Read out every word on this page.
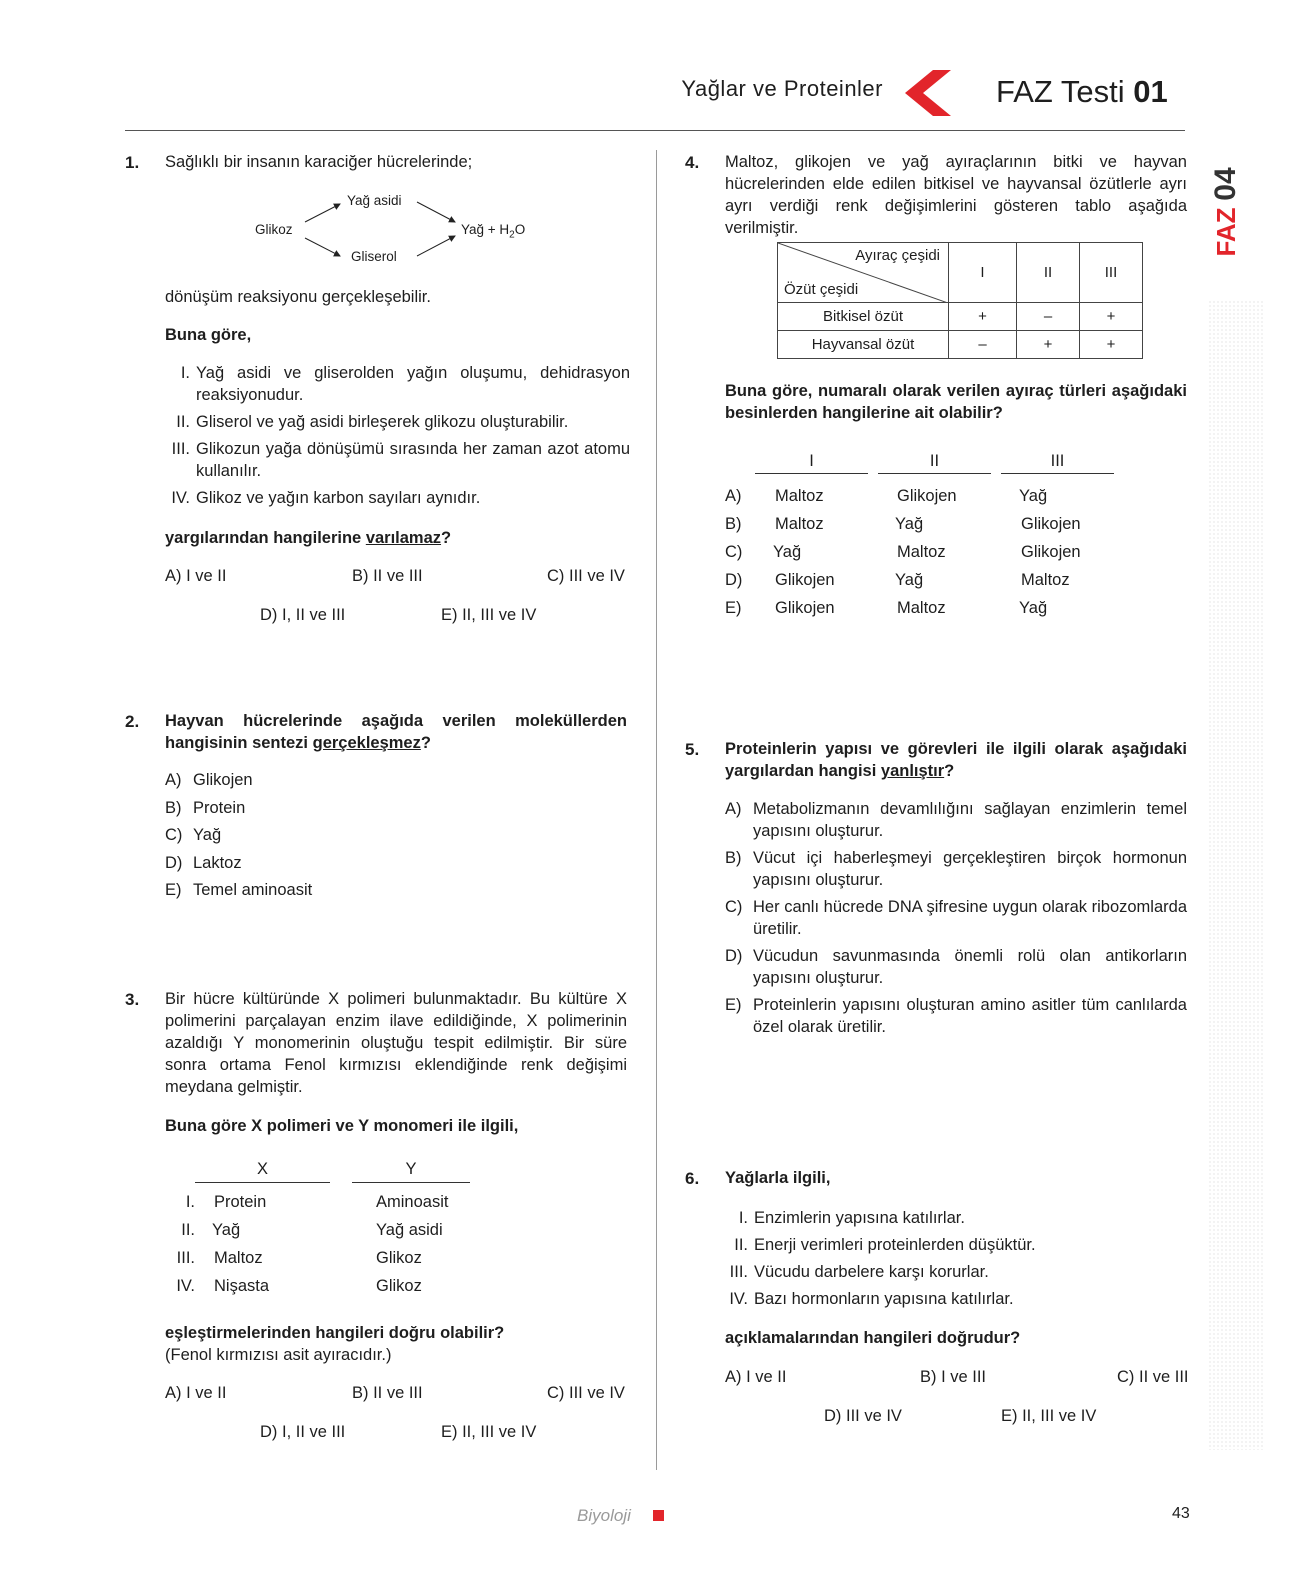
Yağlar ve Proteinler	FAZ Testi 01
04
FAZ
1. Sağlıklı bir insanın karaciğer hücrelerinde;
Glikoz
Yağ asidi
Gliserol
Yağ + $H_2O$
dönüşüm reaksiyonu gerçekleşebilir.
Buna göre,
I. Yağ asidi ve gliserolden yağın oluşumu, dehidrasyon reaksiyonudur.
II. Gliserol ve yağ asidi birleşerek glikozu oluşturabilir.
III. Glikozun yağa dönüşümü sırasında her zaman azot atomu kullanılır.
IV. Glikoz ve yağın karbon sayıları aynıdır.
yargılarından hangilerine varılamaz?
A) I ve II	B) II ve III	C) III ve IV
D) I, II ve III	E) II, III ve IV
2. Hayvan hücrelerinde aşağıda verilen moleküllerden hangisinin sentezi gerçekleşmez?
A) Glikojen
B) Protein
C) Yağ
D) Laktoz
E) Temel aminoasit
3. Bir hücre kültüründe X polimeri bulunmaktadır. Bu kültüre X polimerini parçalayan enzim ilave edildiğinde, X polimerinin azaldığı Y monomerinin oluştuğu tespit edilmiştir. Bir süre sonra ortama Fenol kırmızısı eklendiğinde renk değişimi meydana gelmiştir.
Buna göre X polimeri ve Y monomeri ile ilgili,
X	Y
I. Protein	Aminoasit
II. Yağ	Yağ asidi
III. Maltoz	Glikoz
IV. Nişasta	Glikoz
eşleştirmelerinden hangileri doğru olabilir?
(Fenol kırmızısı asit ayıracıdır.)
A) I ve II	B) II ve III	C) III ve IV
D) I, II ve III	E) II, III ve IV
4. Maltoz, glikojen ve yağ ayıraçlarının bitki ve hayvan hücrelerinden elde edilen bitkisel ve hayvansal özütlerle ayrı ayrı verdiği renk değişimlerini gösteren tablo aşağıda verilmiştir.
Ayıraç çeşidi
Özüt çeşidi	I	II	III
Bitkisel özüt	+	–	+
Hayvansal özüt	–	+	+
Buna göre, numaralı olarak verilen ayıraç türleri aşağıdaki besinlerden hangilerine ait olabilir?
I	II	III
A) Maltoz	Glikojen	Yağ
B) Maltoz	Yağ	Glikojen
C) Yağ	Maltoz	Glikojen
D) Glikojen	Yağ	Maltoz
E) Glikojen	Maltoz	Yağ
5. Proteinlerin yapısı ve görevleri ile ilgili olarak aşağıdaki yargılardan hangisi yanlıştır?
A) Metabolizmanın devamlılığını sağlayan enzimlerin temel yapısını oluşturur.
B) Vücut içi haberleşmeyi gerçekleştiren birçok hormonun yapısını oluşturur.
C) Her canlı hücrede DNA şifresine uygun olarak ribozomlarda üretilir.
D) Vücudun savunmasında önemli rolü olan antikorların yapısını oluşturur.
E) Proteinlerin yapısını oluşturan amino asitler tüm canlılarda özel olarak üretilir.
6. Yağlarla ilgili,
I. Enzimlerin yapısına katılırlar.
II. Enerji verimleri proteinlerden düşüktür.
III. Vücudu darbelere karşı korurlar.
IV. Bazı hormonların yapısına katılırlar.
açıklamalarından hangileri doğrudur?
A) I ve II	B) I ve III	C) II ve III
D) III ve IV	E) II, III ve IV
Biyoloji	43
